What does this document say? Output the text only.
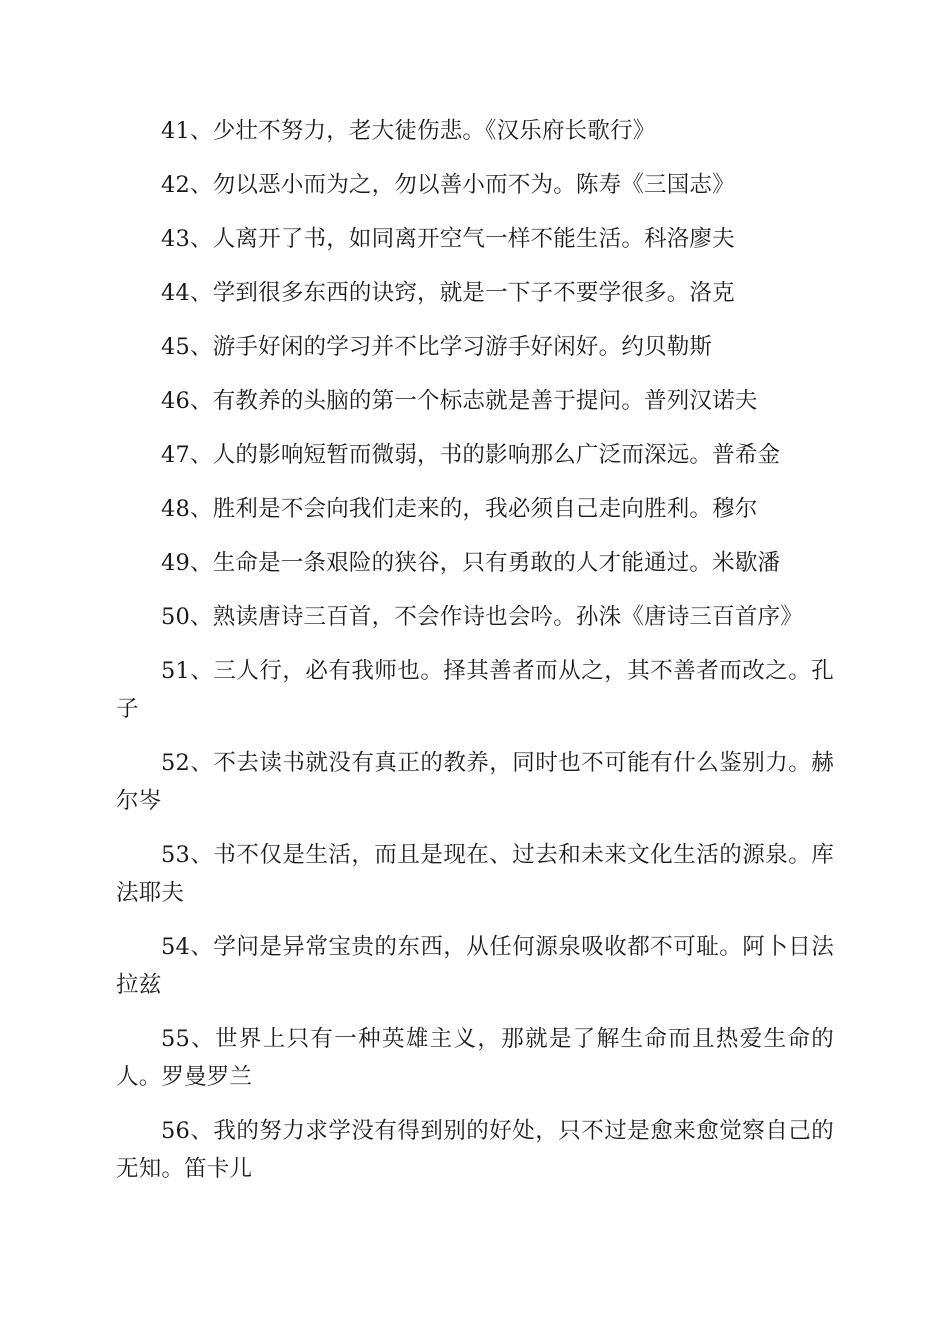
41、少壮不努力，老大徒伤悲。《汉乐府长歌行》

42、勿以恶小而为之，勿以善小而不为。陈寿《三国志》

43、人离开了书，如同离开空气一样不能生活。科洛廖夫

44、学到很多东西的诀窍，就是一下子不要学很多。洛克

45、游手好闲的学习并不比学习游手好闲好。约贝勒斯

46、有教养的头脑的第一个标志就是善于提问。普列汉诺夫

47、人的影响短暂而微弱，书的影响那么广泛而深远。普希金

48、胜利是不会向我们走来的，我必须自己走向胜利。穆尔

49、生命是一条艰险的狭谷，只有勇敢的人才能通过。米歇潘

50、熟读唐诗三百首，不会作诗也会吟。孙洙《唐诗三百首序》

51、三人行，必有我师也。择其善者而从之，其不善者而改之。孔子

52、不去读书就没有真正的教养，同时也不可能有什么鉴别力。赫尔岑

53、书不仅是生活，而且是现在、过去和未来文化生活的源泉。库法耶夫

54、学问是异常宝贵的东西，从任何源泉吸收都不可耻。阿卜日法拉兹

55、世界上只有一种英雄主义，那就是了解生命而且热爱生命的人。罗曼罗兰

56、我的努力求学没有得到别的好处，只不过是愈来愈觉察自己的无知。笛卡儿
